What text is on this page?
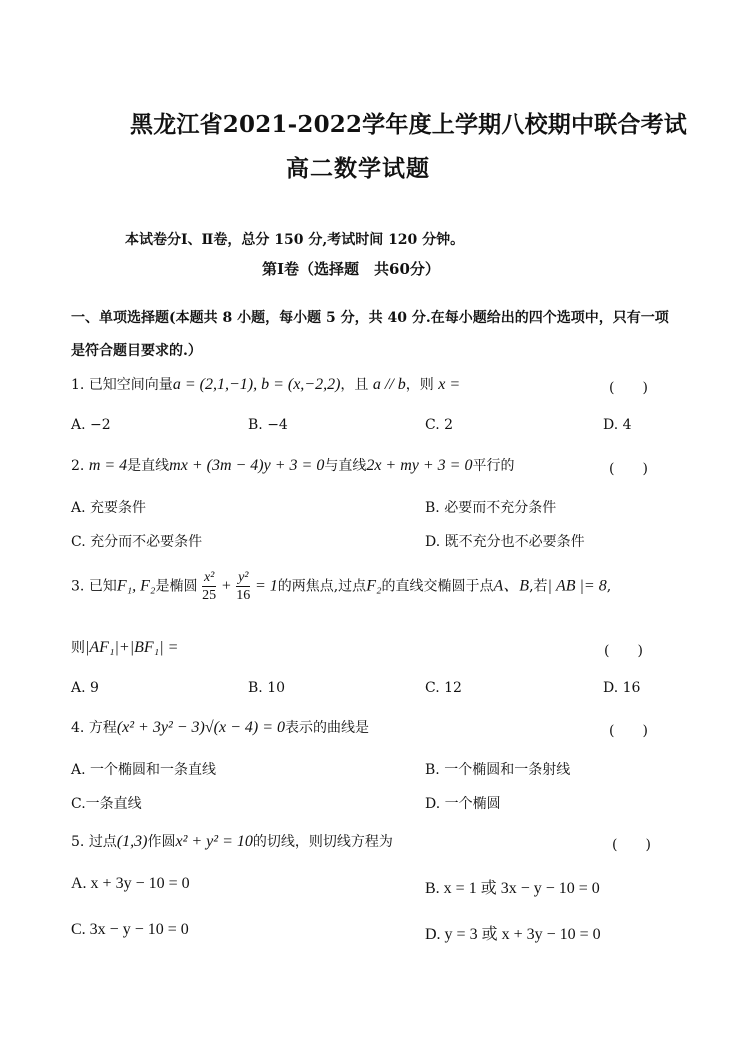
黑龙江省2021-2022学年度上学期八校期中联合考试
高二数学试题
本试卷分Ⅰ、Ⅱ卷，总分 150 分,考试时间 120 分钟。
第Ⅰ卷（选择题　共60分）
一、单项选择题(本题共 8 小题，每小题 5 分，共 40 分.在每小题给出的四个选项中，只有一项是符合题目要求的.）
1. 已知空间向量a = (2,1,−1), b = (x,−2,2)，且 a // b，则 x =	(　　)
A. −2	B. −4	C. 2	D. 4
2. m = 4是直线mx + (3m − 4)y + 3 = 0与直线2x + my + 3 = 0平行的	(　　)
A. 充要条件	B. 必要而不充分条件
C. 充分而不必要条件	D. 既不充分也不必要条件
3. 已知F₁, F₂是椭圆 $\frac{\text{x²}}{25} + \frac{\text{y²}}{16} = 1$的两焦点,过点F₂的直线交椭圆于点A、B,若| AB |= 8,
则|AF₁|+|BF₁| =	(　　)
A. 9	B. 10	C. 12	D. 16
4. 方程(x² + 3y² − 3)√(x − 4) = 0表示的曲线是	(　　)
A. 一个椭圆和一条直线	B. 一个椭圆和一条射线
C.一条直线	D. 一个椭圆
5. 过点(1,3)作圆x² + y² = 10的切线，则切线方程为	(　　)
A. x + 3y − 10 = 0	B. x = 1 或 3x − y − 10 = 0
C. 3x − y − 10 = 0	D. y = 3 或 x + 3y − 10 = 0
